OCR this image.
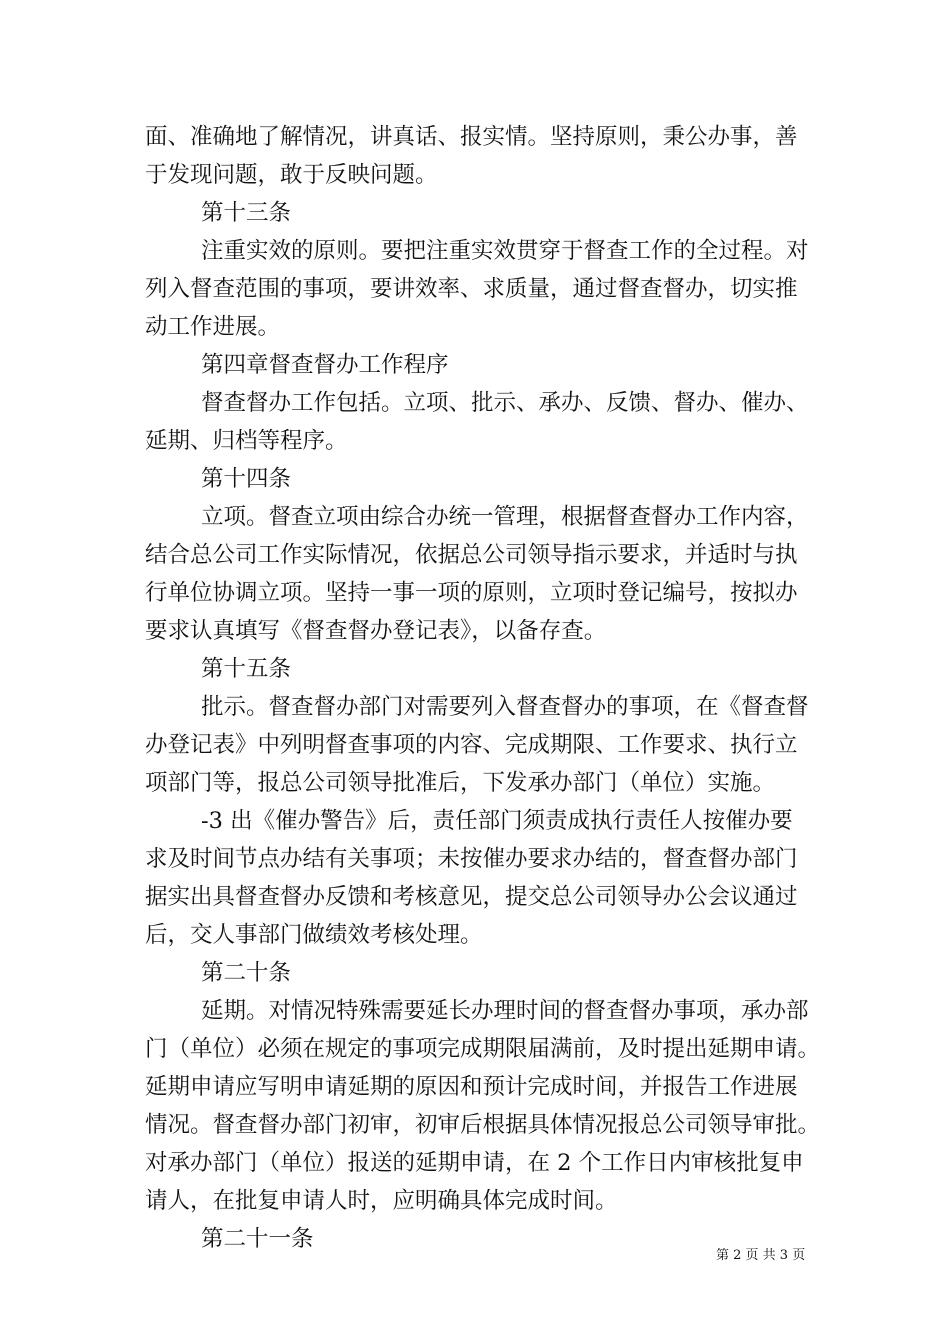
面、准确地了解情况，讲真话、报实情。坚持原则，秉公办事，善
于发现问题，敢于反映问题。
第十三条
注重实效的原则。要把注重实效贯穿于督查工作的全过程。对
列入督查范围的事项，要讲效率、求质量，通过督查督办，切实推
动工作进展。
第四章督查督办工作程序
督查督办工作包括。立项、批示、承办、反馈、督办、催办、
延期、归档等程序。
第十四条
立项。督查立项由综合办统一管理，根据督查督办工作内容，
结合总公司工作实际情况，依据总公司领导指示要求，并适时与执
行单位协调立项。坚持一事一项的原则，立项时登记编号，按拟办
要求认真填写《督查督办登记表》，以备存查。
第十五条
批示。督查督办部门对需要列入督查督办的事项，在《督查督
办登记表》中列明督查事项的内容、完成期限、工作要求、执行立
项部门等，报总公司领导批准后，下发承办部门（单位）实施。
-3 出《催办警告》后，责任部门须责成执行责任人按催办要
求及时间节点办结有关事项；未按催办要求办结的，督查督办部门
据实出具督查督办反馈和考核意见，提交总公司领导办公会议通过
后，交人事部门做绩效考核处理。
第二十条
延期。对情况特殊需要延长办理时间的督查督办事项，承办部
门（单位）必须在规定的事项完成期限届满前，及时提出延期申请。
延期申请应写明申请延期的原因和预计完成时间，并报告工作进展
情况。督查督办部门初审，初审后根据具体情况报总公司领导审批。
对承办部门（单位）报送的延期申请，在 2 个工作日内审核批复申
请人，在批复申请人时，应明确具体完成时间。
第二十一条
第 2 页 共 3 页
